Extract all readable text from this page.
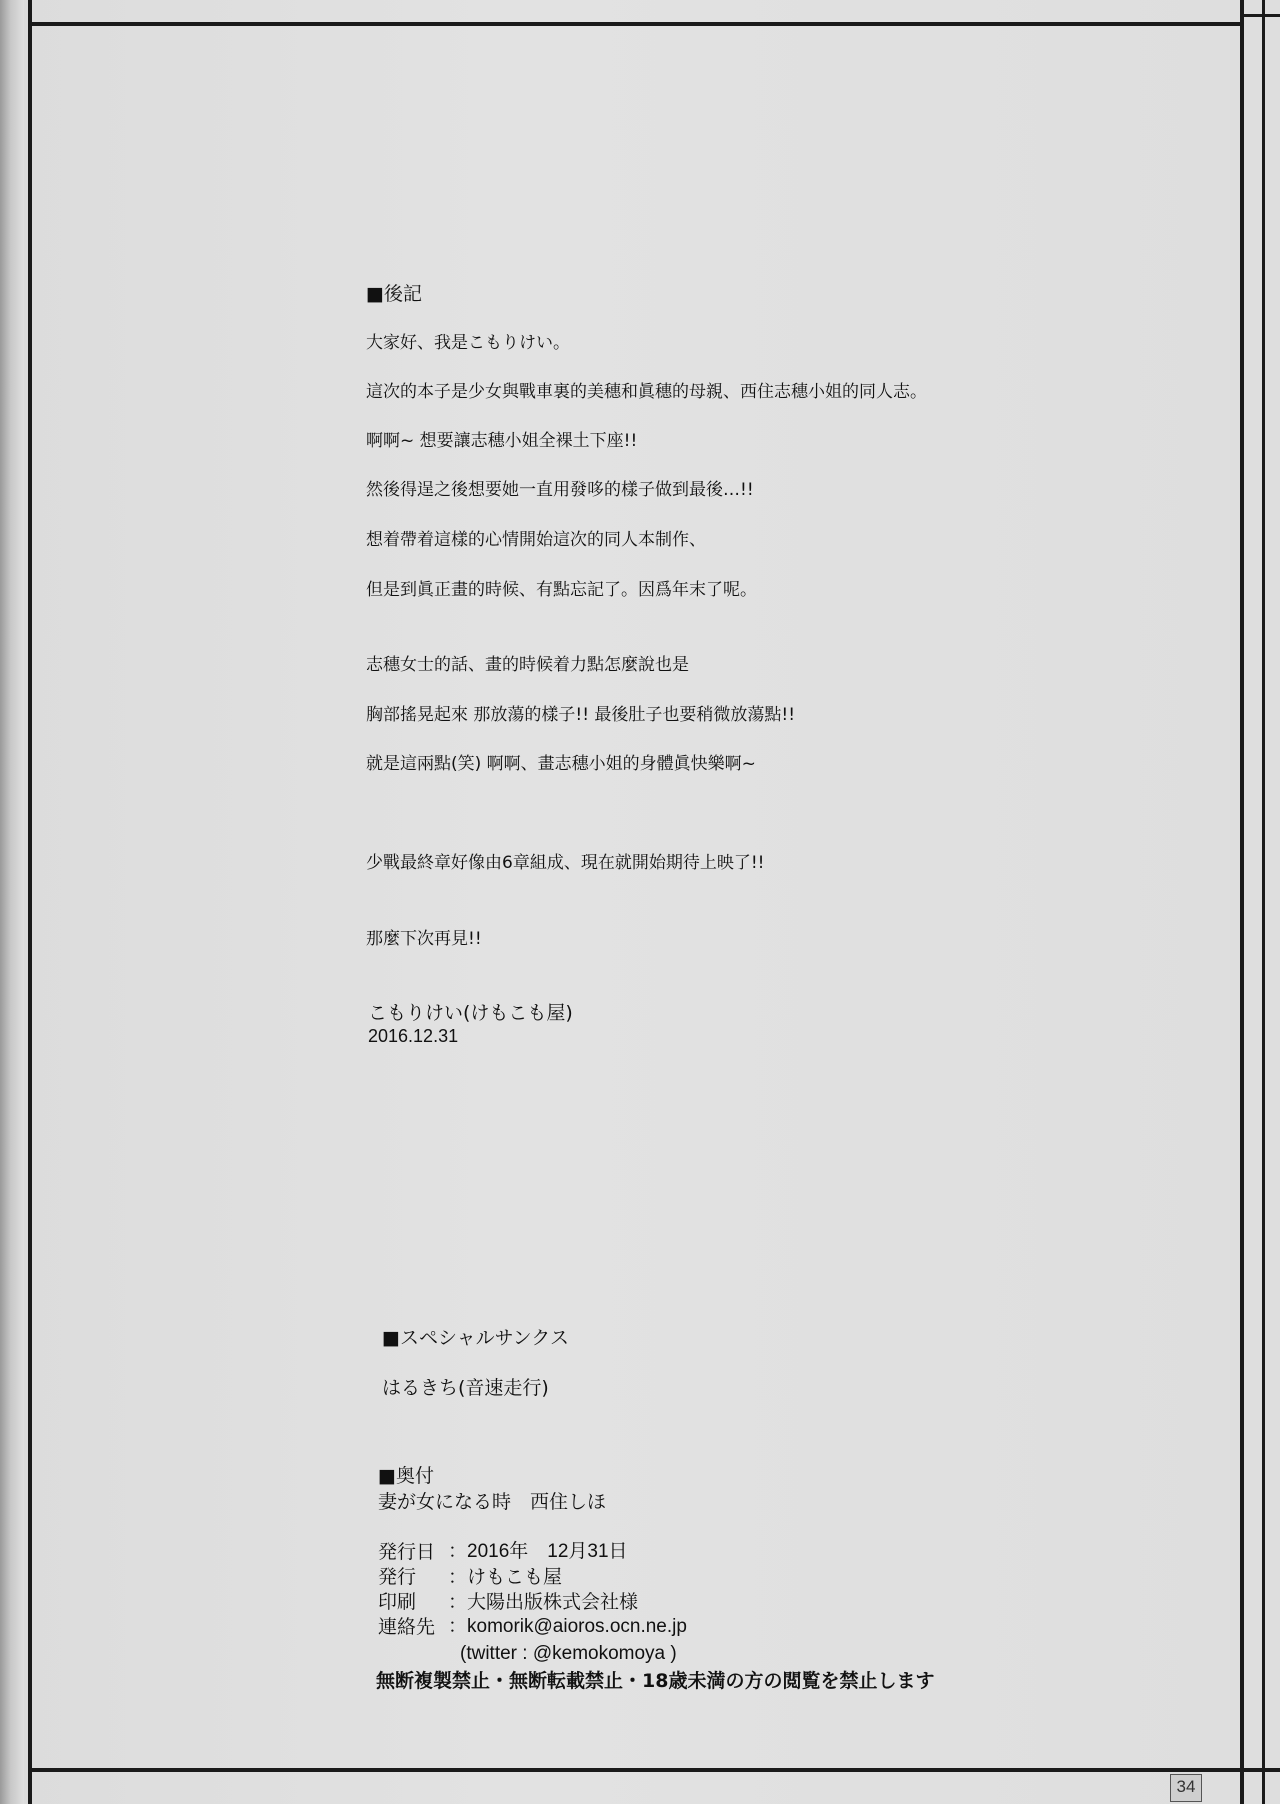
■後記
大家好、我是こもりけい。
這次的本子是少女與戰車裏的美穗和眞穗的母親、西住志穗小姐的同人志。
啊啊~ 想要讓志穗小姐全裸土下座!!
然後得逞之後想要她一直用發哆的樣子做到最後…!!
想着帶着這樣的心情開始這次的同人本制作、
但是到眞正畫的時候、有點忘記了。因爲年末了呢。
志穗女士的話、畫的時候着力點怎麼說也是
胸部搖晃起來 那放蕩的樣子!! 最後肚子也要稍微放蕩點!!
就是這兩點(笑) 啊啊、畫志穗小姐的身體眞快樂啊~
少戰最終章好像由6章組成、現在就開始期待上映了!!
那麼下次再見!!
こもりけい(けもこも屋)
2016.12.31
■スペシャルサンクス
はるきち(音速走行)
■奥付
妻が女になる時　西住しほ
発行日 ：2016年　12月31日
発行　 ：けもこも屋
印刷　 ：大陽出版株式会社様
連絡先 ：komorik@aioros.ocn.ne.jp
(twitter : @kemokomoya )
無断複製禁止・無断転載禁止・18歳未満の方の閲覧を禁止します
34
